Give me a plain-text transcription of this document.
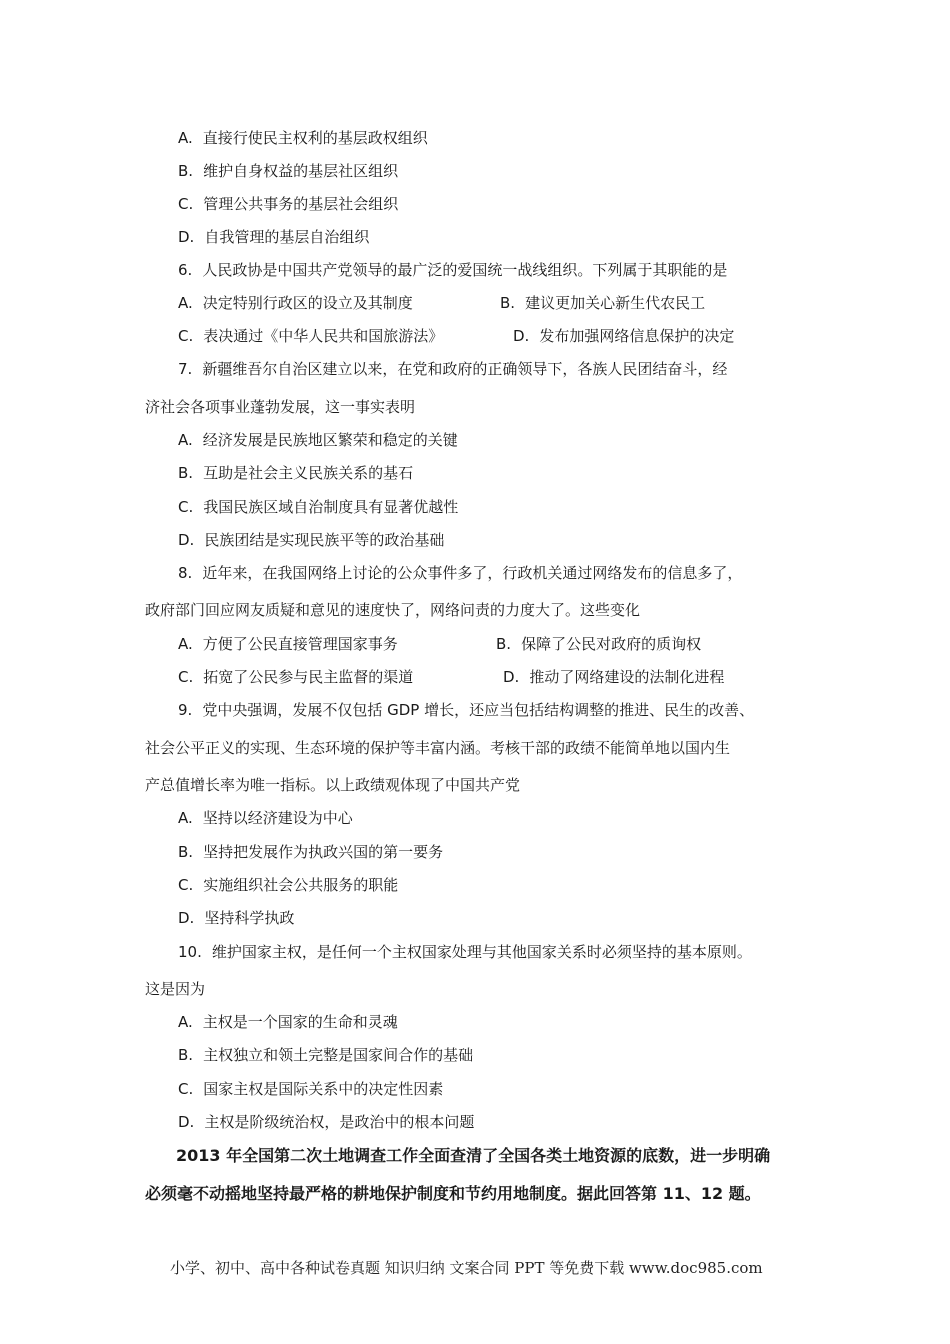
A. 直接行使民主权利的基层政权组织
B. 维护自身权益的基层社区组织
C. 管理公共事务的基层社会组织
D. 自我管理的基层自治组织
6. 人民政协是中国共产党领导的最广泛的爱国统一战线组织。下列属于其职能的是
A. 决定特别行政区的设立及其制度	B. 建议更加关心新生代农民工
C. 表决通过《中华人民共和国旅游法》	D. 发布加强网络信息保护的决定
7. 新疆维吾尔自治区建立以来，在党和政府的正确领导下，各族人民团结奋斗，经
济社会各项事业蓬勃发展，这一事实表明
A. 经济发展是民族地区繁荣和稳定的关键
B. 互助是社会主义民族关系的基石
C. 我国民族区域自治制度具有显著优越性
D. 民族团结是实现民族平等的政治基础
8. 近年来，在我国网络上讨论的公众事件多了，行政机关通过网络发布的信息多了，
政府部门回应网友质疑和意见的速度快了，网络问责的力度大了。这些变化
A. 方便了公民直接管理国家事务	B. 保障了公民对政府的质询权
C. 拓宽了公民参与民主监督的渠道	D. 推动了网络建设的法制化进程
9. 党中央强调，发展不仅包括 GDP 增长，还应当包括结构调整的推进、民生的改善、
社会公平正义的实现、生态环境的保护等丰富内涵。考核干部的政绩不能简单地以国内生
产总值增长率为唯一指标。以上政绩观体现了中国共产党
A. 坚持以经济建设为中心
B. 坚持把发展作为执政兴国的第一要务
C. 实施组织社会公共服务的职能
D. 坚持科学执政
10. 维护国家主权，是任何一个主权国家处理与其他国家关系时必须坚持的基本原则。
这是因为
A. 主权是一个国家的生命和灵魂
B. 主权独立和领土完整是国家间合作的基础
C. 国家主权是国际关系中的决定性因素
D. 主权是阶级统治权，是政治中的根本问题
2013 年全国第二次土地调查工作全面查清了全国各类土地资源的底数，进一步明确
必须毫不动摇地坚持最严格的耕地保护制度和节约用地制度。据此回答第 11、12 题。
小学、初中、高中各种试卷真题 知识归纳 文案合同 PPT 等免费下载 www.doc985.com
